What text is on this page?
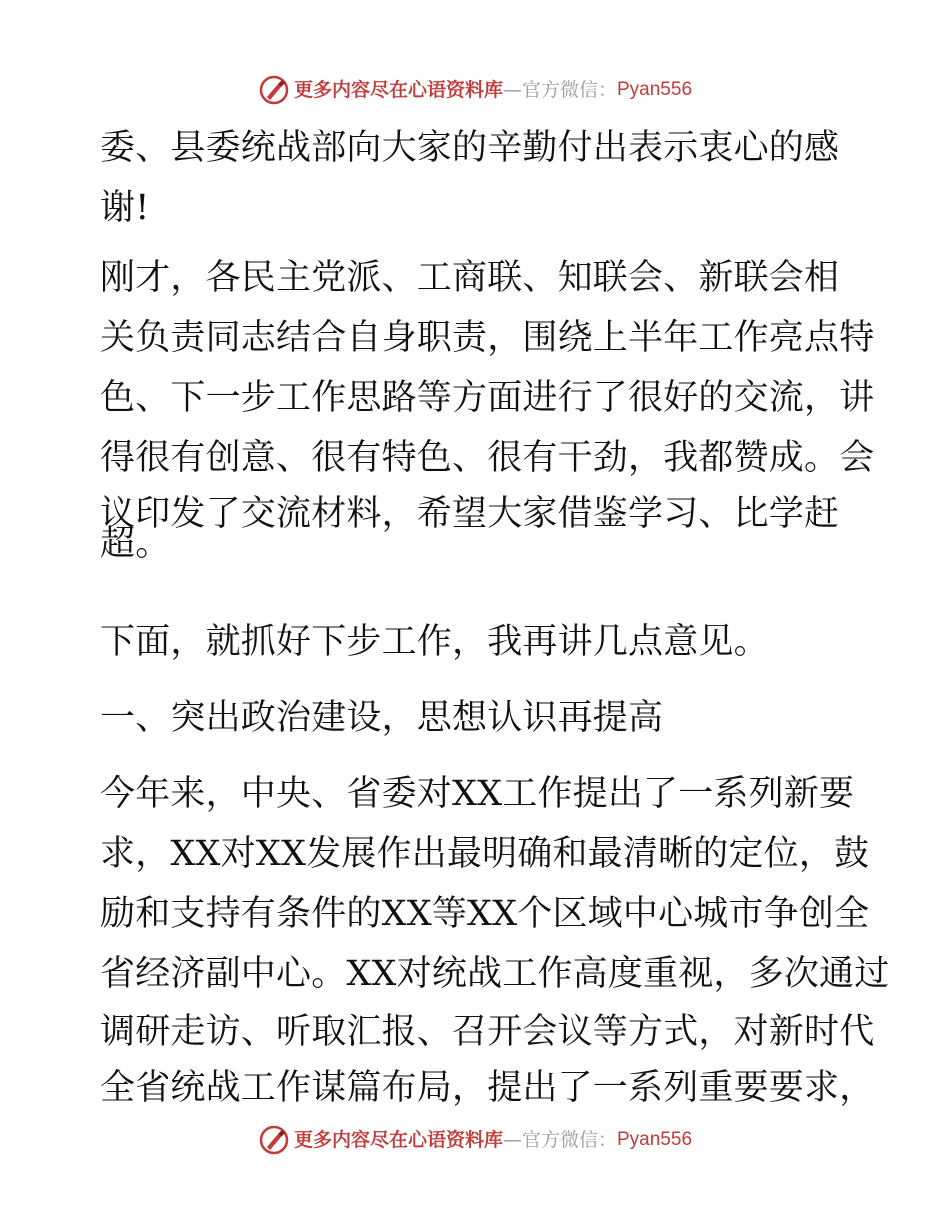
更多内容尽在心语资料库 — 官方微信： Pyan556
委、县委统战部向大家的辛勤付出表示衷心的感
谢!
刚才，各民主党派、工商联、知联会、新联会相
关负责同志结合自身职责，围绕上半年工作亮点特
色、下一步工作思路等方面进行了很好的交流，讲
得很有创意、很有特色、很有干劲，我都赞成。会
议印发了交流材料，希望大家借鉴学习、比学赶
超。
下面，就抓好下步工作，我再讲几点意见。
一、突出政治建设，思想认识再提高
今年来，中央、省委对XX工作提出了一系列新要
求，XX对XX发展作出最明确和最清晰的定位，鼓
励和支持有条件的XX等XX个区域中心城市争创全
省经济副中心。XX对统战工作高度重视，多次通过
调研走访、听取汇报、召开会议等方式，对新时代
全省统战工作谋篇布局，提出了一系列重要要求，
更多内容尽在心语资料库 — 官方微信： Pyan556
